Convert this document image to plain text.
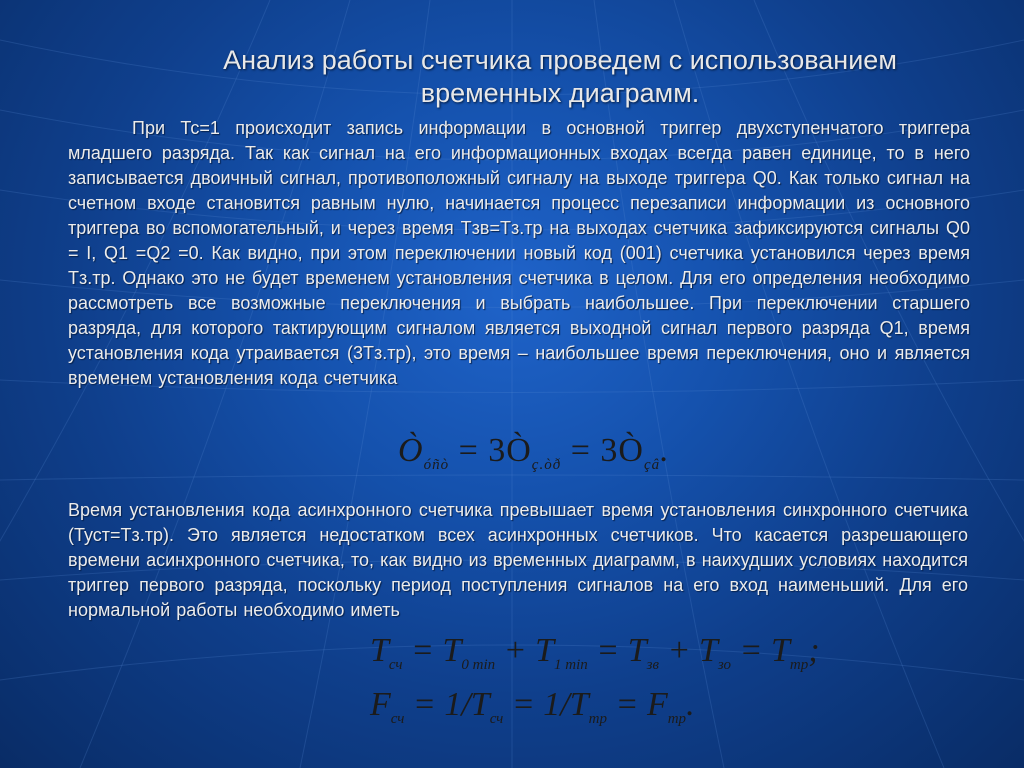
Анализ работы счетчика проведем с использованием временных диаграмм.

При Тс=1 происходит запись информации в основной триггер двухступенчатого триггера младшего разряда. Так как сигнал на его информационных входах всегда равен единице, то в него записывается двоичный сигнал, противоположный сигналу на выходе триггера Q0. Как только сигнал на счетном входе становится равным нулю, начинается процесс перезаписи информации из основного триггера во вспомогательный, и через время Тзв=Тз.тр на выходах счетчика зафиксируются сигналы Q0 = I, Q1 =Q2 =0. Как видно, при этом переключении новый код (001) счетчика установился через время Тз.тр. Однако это не будет временем установления счетчика в целом. Для его определения необходимо рассмотреть все возможные переключения и выбрать наибольшее. При переключении старшего разряда, для которого тактирующим сигналом является выходной сигнал первого разряда Q1, время установления кода утраивается (3Тз.тр), это время – наибольшее время переключения, оно и является временем установления кода счетчика

Время установления кода асинхронного счетчика превышает время установления синхронного счетчика (Туст=Тз.тр). Это является недостатком всех асинхронных счетчиков. Что касается разрешающего времени асинхронного счетчика, то, как видно из временных диаграмм, в наихудших условиях находится триггер первого разряда, поскольку период поступления сигналов на его вход наименьший. Для его нормальной работы необходимо иметь

$Ò_{óñò}$ = $3Ò_{ç.òð}$ = $3Ò_{çâ}$.
$T_{сч} = T_{0 min} + T_{1 min} = T_{зв} + T_{зо} = T_{тр}$;
$F_{сч} = 1/T_{сч} = 1/T_{тр} = F_{тр}$.
